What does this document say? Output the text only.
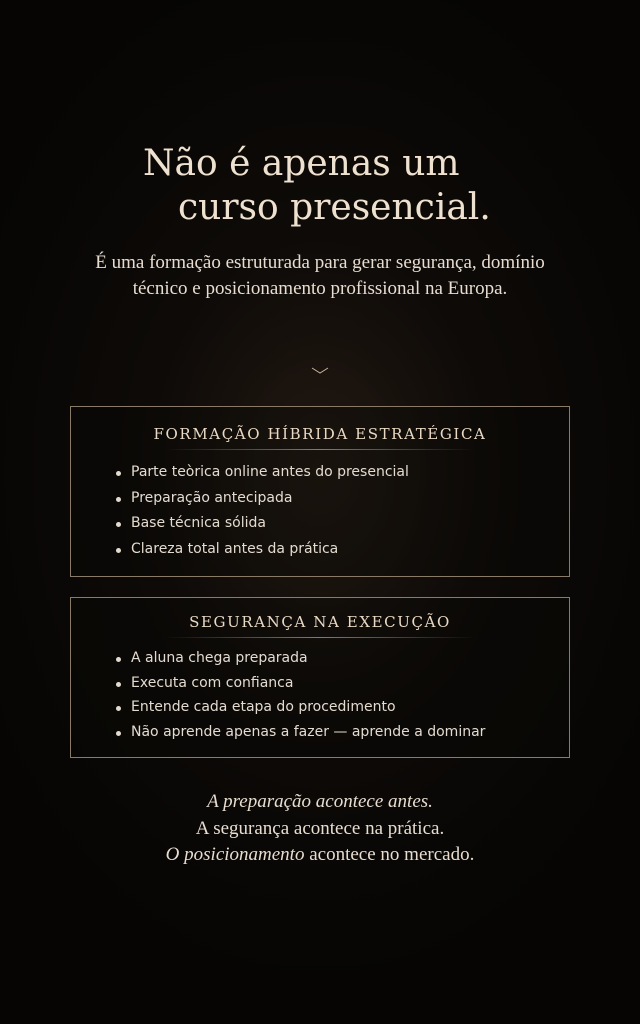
Não é apenas um
curso presencial.

É uma formação estruturada para gerar segurança, domínio técnico e posicionamento profissional na Europa.

FORMAÇÃO HÍBRIDA ESTRATÉGICA
Parte teòrica online antes do presencial
Preparação antecipada
Base técnica sólida
Clareza total antes da prática
SEGURANÇA NA EXECUÇÃO
A aluna chega preparada
Executa com confianca
Entende cada etapa do procedimento
Não aprende apenas a fazer — aprende a dominar
A preparação acontece antes.
A segurança acontece na prática.
O posicionamento acontece no mercado.
